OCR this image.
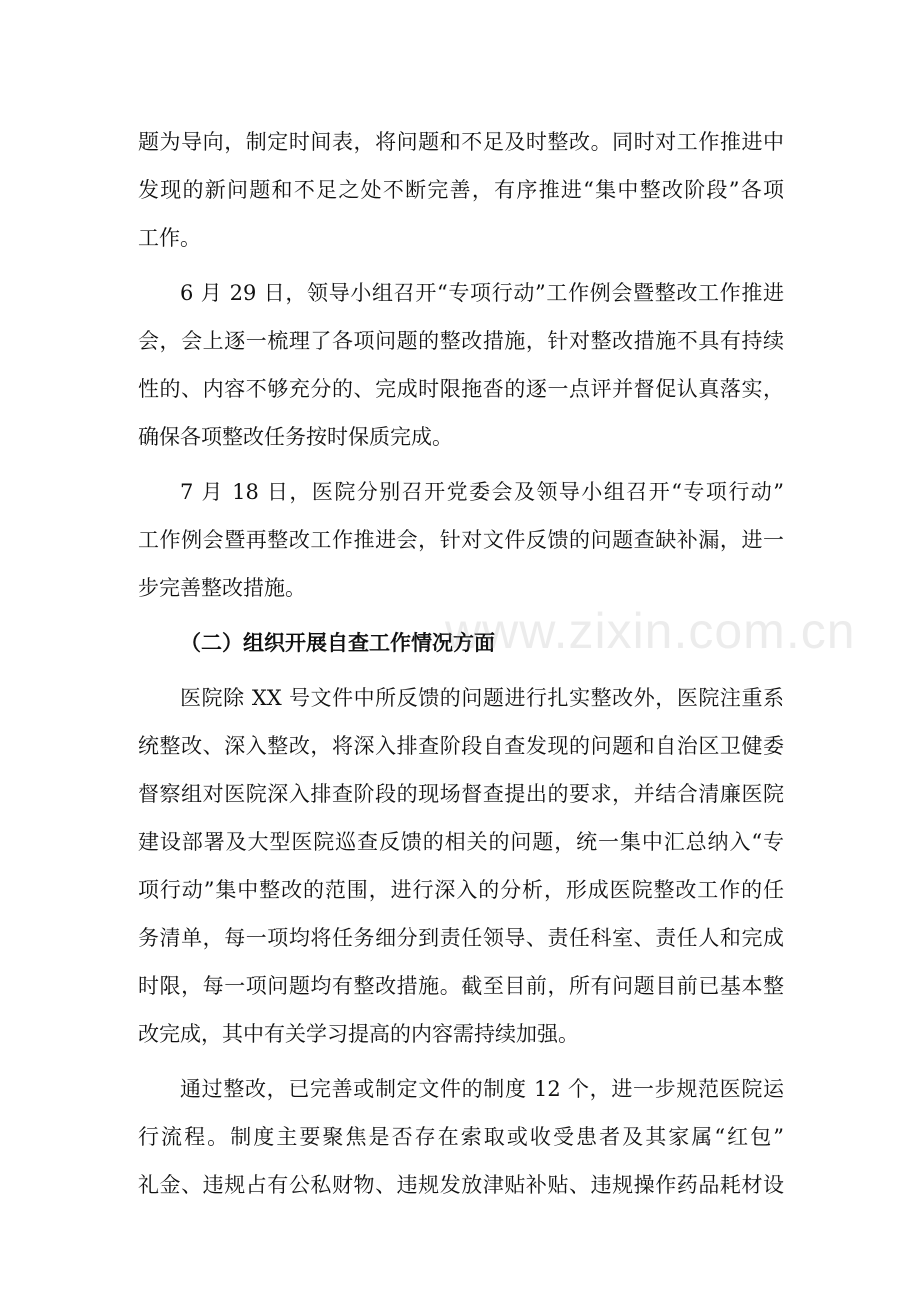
题为导向，制定时间表，将问题和不足及时整改。同时对工作推进中
发现的新问题和不足之处不断完善，有序推进“集中整改阶段”各项
工作。
6 月 29 日，领导小组召开“专项行动”工作例会暨整改工作推进
会，会上逐一梳理了各项问题的整改措施，针对整改措施不具有持续
性的、内容不够充分的、完成时限拖沓的逐一点评并督促认真落实，
确保各项整改任务按时保质完成。
7 月 18 日，医院分别召开党委会及领导小组召开“专项行动”
工作例会暨再整改工作推进会，针对文件反馈的问题查缺补漏，进一
步完善整改措施。
（二）组织开展自查工作情况方面
医院除 XX 号文件中所反馈的问题进行扎实整改外，医院注重系
统整改、深入整改，将深入排查阶段自查发现的问题和自治区卫健委
督察组对医院深入排查阶段的现场督查提出的要求，并结合清廉医院
建设部署及大型医院巡查反馈的相关的问题，统一集中汇总纳入“专
项行动”集中整改的范围，进行深入的分析，形成医院整改工作的任
务清单，每一项均将任务细分到责任领导、责任科室、责任人和完成
时限，每一项问题均有整改措施。截至目前，所有问题目前已基本整
改完成，其中有关学习提高的内容需持续加强。
通过整改，已完善或制定文件的制度 12 个，进一步规范医院运
行流程。制度主要聚焦是否存在索取或收受患者及其家属“红包”
礼金、违规占有公私财物、违规发放津贴补贴、违规操作药品耗材设
www.zixin.com.cn
